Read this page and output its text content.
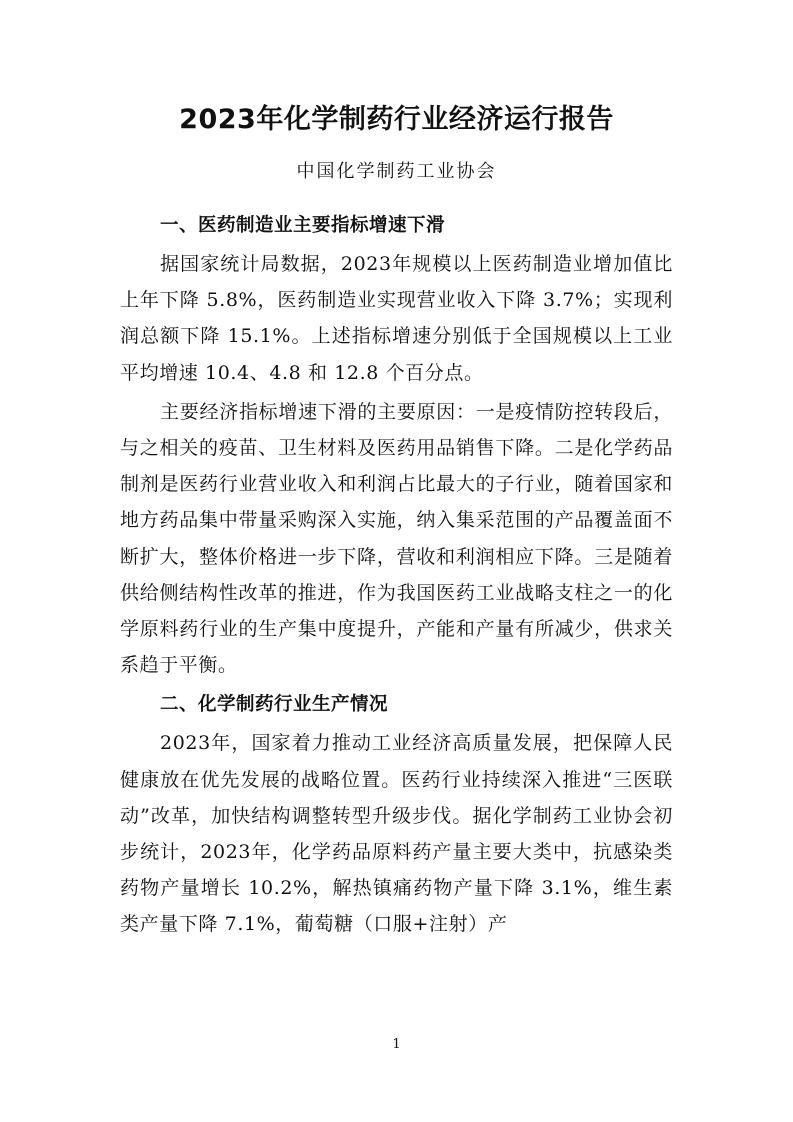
2023年化学制药行业经济运行报告
中国化学制药工业协会
一、医药制造业主要指标增速下滑

据国家统计局数据，2023年规模以上医药制造业增加值比上年下降 5.8%，医药制造业实现营业收入下降 3.7%；实现利润总额下降 15.1%。上述指标增速分别低于全国规模以上工业平均增速 10.4、4.8 和 12.8 个百分点。

主要经济指标增速下滑的主要原因：一是疫情防控转段后，与之相关的疫苗、卫生材料及医药用品销售下降。二是化学药品制剂是医药行业营业收入和利润占比最大的子行业，随着国家和地方药品集中带量采购深入实施，纳入集采范围的产品覆盖面不断扩大，整体价格进一步下降，营收和利润相应下降。三是随着供给侧结构性改革的推进，作为我国医药工业战略支柱之一的化学原料药行业的生产集中度提升，产能和产量有所减少，供求关系趋于平衡。

二、化学制药行业生产情况

2023年，国家着力推动工业经济高质量发展，把保障人民健康放在优先发展的战略位置。医药行业持续深入推进“三医联动”改革，加快结构调整转型升级步伐。据化学制药工业协会初步统计，2023年，化学药品原料药产量主要大类中，抗感染类药物产量增长 10.2%，解热镇痛药物产量下降 3.1%，维生素类产量下降 7.1%，葡萄糖（口服+注射）产

1
